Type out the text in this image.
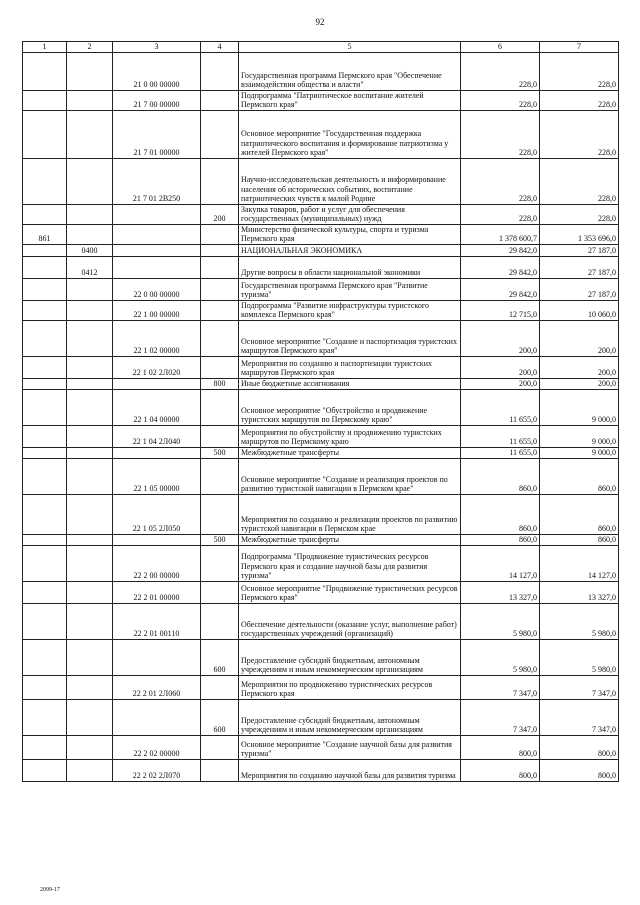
92
1	2	3	4	5	6	7
		21 0 00 00000		Государственная программа Пермского края "Обеспечение взаимодействия общества и власти"	228,0	228,0
		21 7 00 00000		Подпрограмма "Патриотическое воспитание жителей Пермского края"	228,0	228,0
		21 7 01 00000		Основное мероприятие "Государственная поддержка патриотического воспитания и формирование патриотизма у жителей Пермского края"	228,0	228,0
		21 7 01 2В250		Научно-исследовательская деятельность и информирование населения об исторических событиях, воспитание патриотических чувств к малой Родине	228,0	228,0
			200	Закупка товаров, работ и услуг для обеспечения государственных (муниципальных) нужд	228,0	228,0
861				Министерство физической культуры, спорта и туризма Пермского края	1 378 600,7	1 353 696,0
	0400			НАЦИОНАЛЬНАЯ ЭКОНОМИКА	29 842,0	27 187,0
	0412			Другие вопросы в области национальной экономики	29 842,0	27 187,0
		22 0 00 00000		Государственная программа Пермского края "Развитие туризма"	29 842,0	27 187,0
		22 1 00 00000		Подпрограмма "Развитие инфраструктуры туристского комплекса Пермского края"	12 715,0	10 060,0
		22 1 02 00000		Основное мероприятие "Создание и паспортизация туристских маршрутов Пермского края"	200,0	200,0
		22 1 02 2Л020		Мероприятия по созданию и паспортизации туристских маршрутов Пермского края	200,0	200,0
			800	Иные бюджетные ассигнования	200,0	200,0
		22 1 04 00000		Основное мероприятие "Обустройство и продвижение туристских маршрутов по Пермскому краю"	11 655,0	9 000,0
		22 1 04 2Л040		Мероприятия по обустройству и продвижению туристских маршрутов по Пермскому краю	11 655,0	9 000,0
			500	Межбюджетные трансферты	11 655,0	9 000,0
		22 1 05 00000		Основное мероприятие "Создание и реализация проектов по развитию туристской навигации в Пермском крае"	860,0	860,0
		22 1 05 2Л050		Мероприятия по созданию и реализации проектов по развитию туристской навигации в Пермском крае	860,0	860,0
			500	Межбюджетные трансферты	860,0	860,0
		22 2 00 00000		Подпрограмма "Продвижение туристических ресурсов Пермского края и создание научной базы для развития туризма"	14 127,0	14 127,0
		22 2 01 00000		Основное мероприятие "Продвижение туристических ресурсов Пермского края"	13 327,0	13 327,0
		22 2 01 00110		Обеспечение деятельности (оказание услуг, выполнение работ) государственных учреждений (организаций)	5 980,0	5 980,0
			600	Предоставление субсидий бюджетным, автономным учреждениям и иным некоммерческим организациям	5 980,0	5 980,0
		22 2 01 2Л060		Мероприятия по продвижению туристических ресурсов Пермского края	7 347,0	7 347,0
			600	Предоставление субсидий бюджетным, автономным учреждениям и иным некоммерческим организациям	7 347,0	7 347,0
		22 2 02 00000		Основное мероприятие "Создание научной базы для развития туризма"	800,0	800,0
		22 2 02 2Л070		Мероприятия по созданию научной базы для развития туризма	800,0	800,0
2099-17
